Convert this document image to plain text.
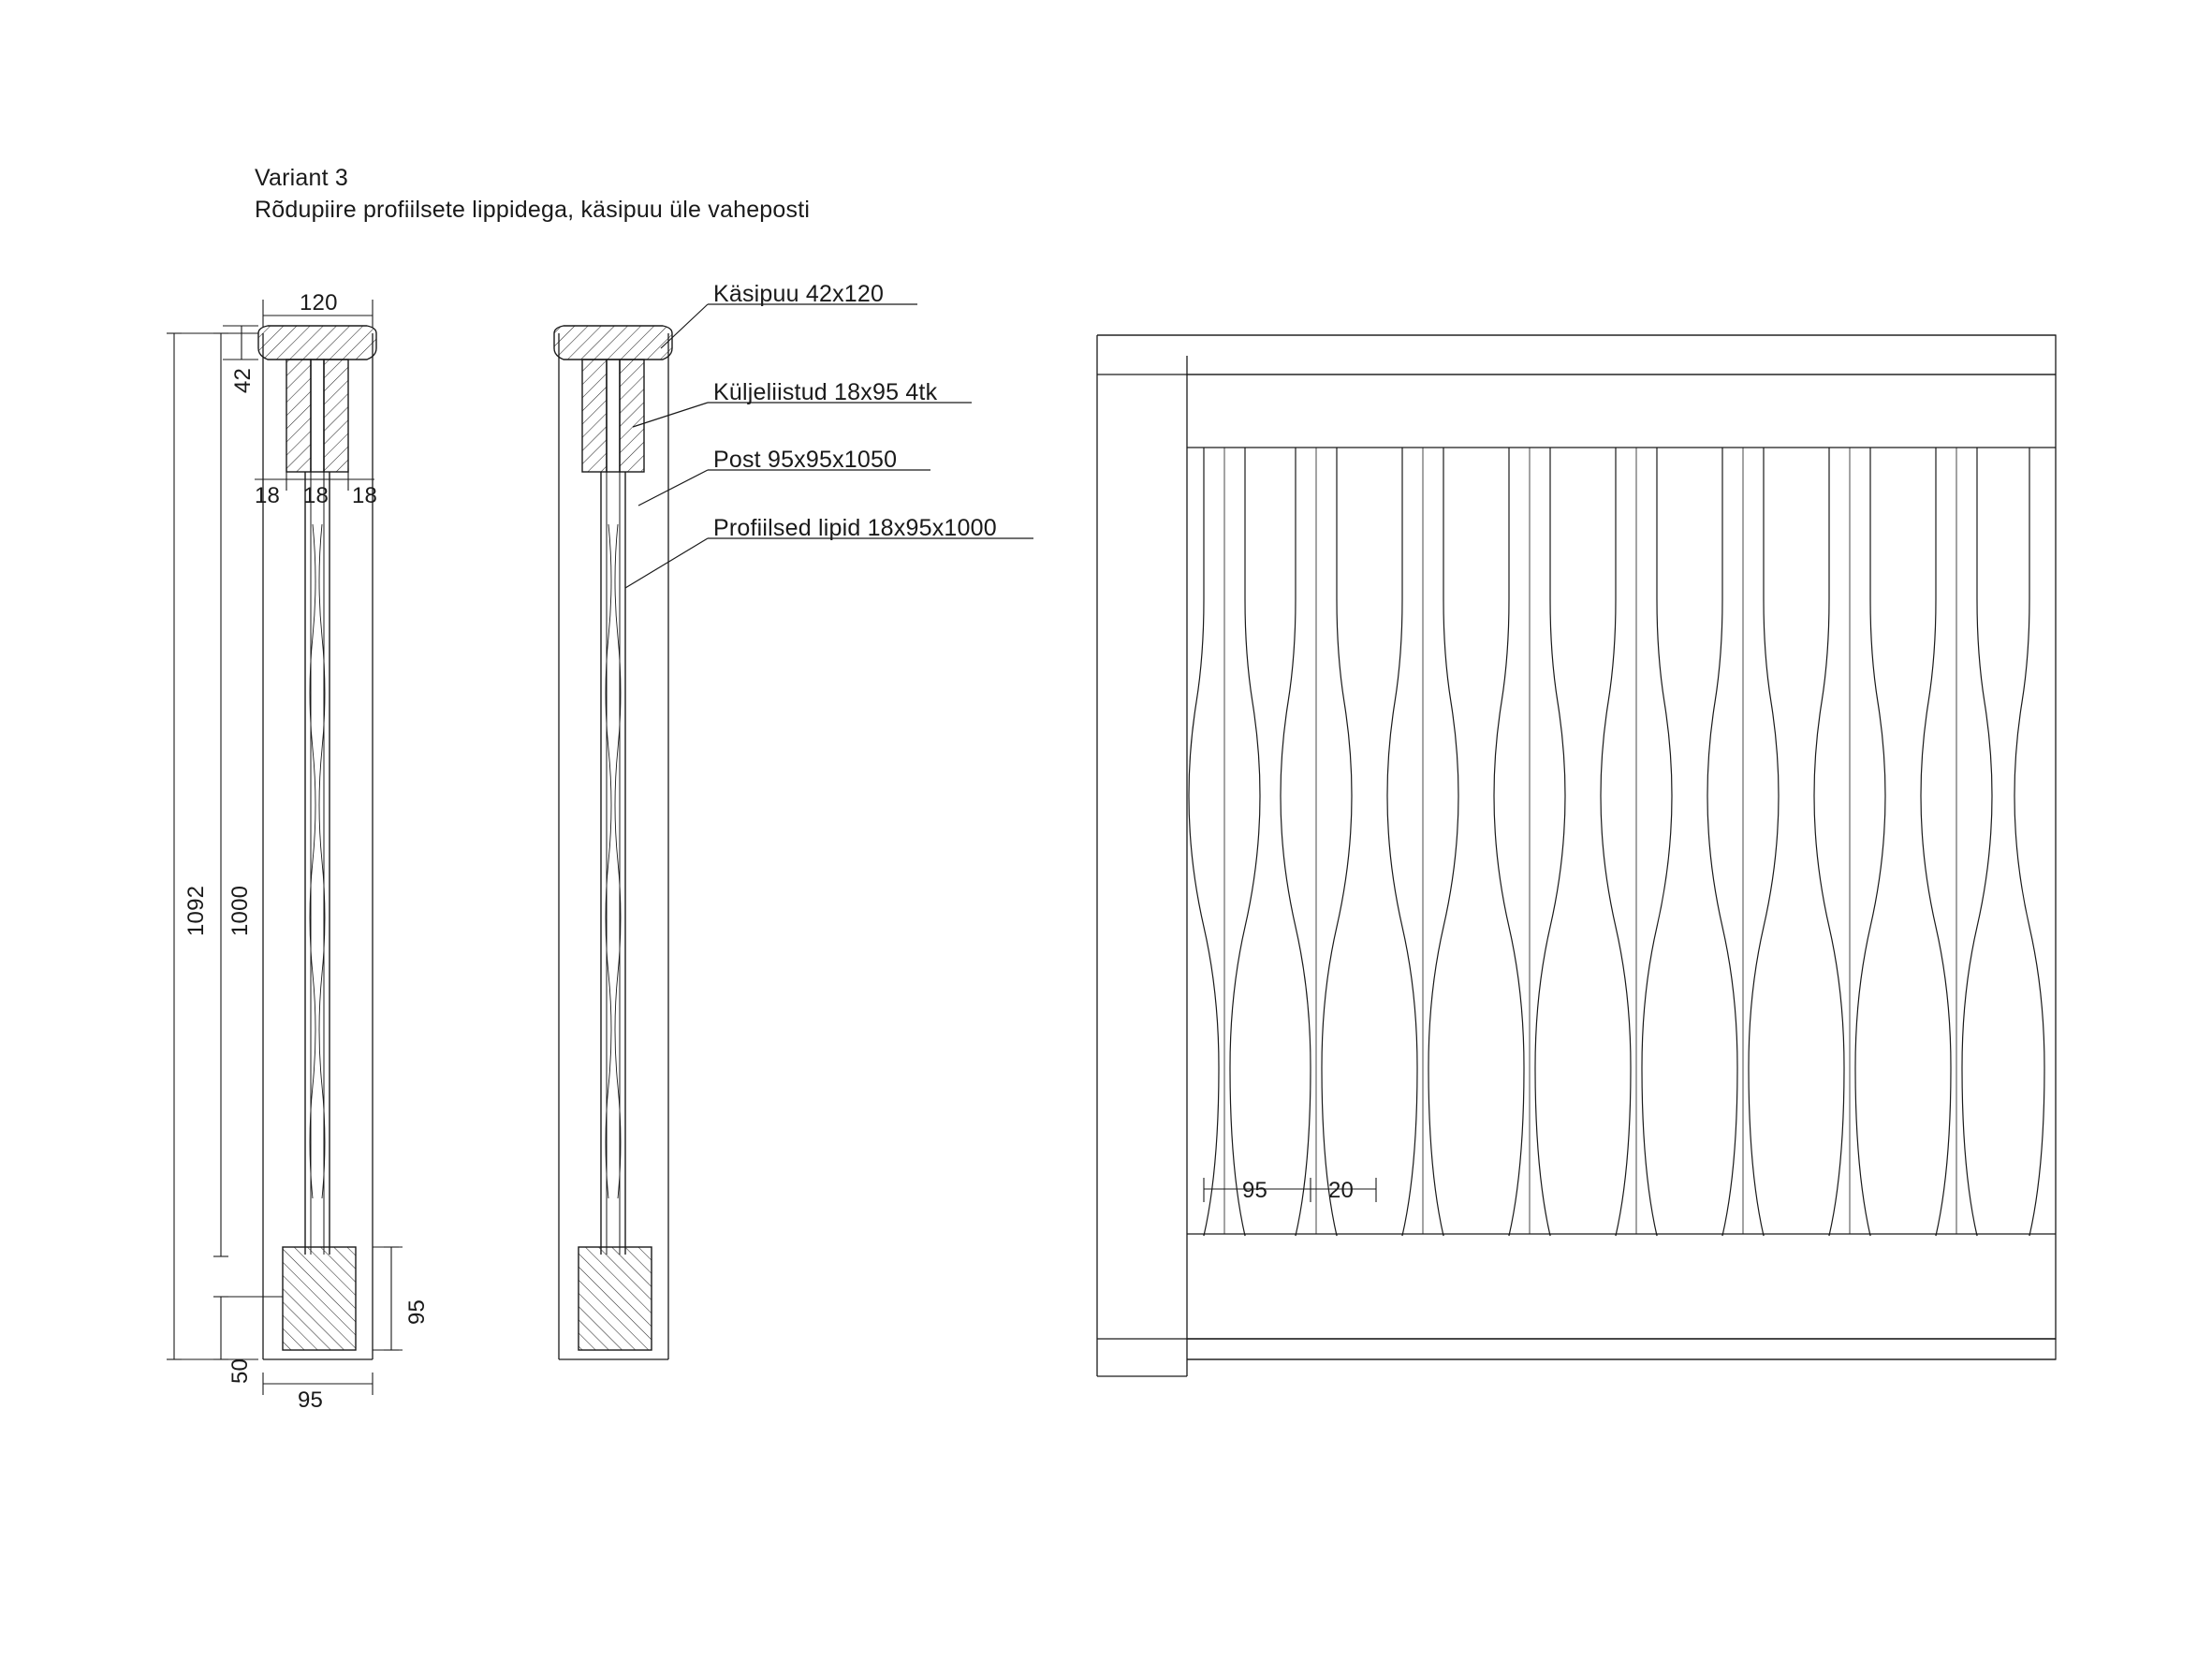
Variant 3
Rõdupiire profiilsete lippidega, käsipuu üle vaheposti
Käsipuu 42x120
Küljeliistud 18x95 4tk
Post 95x95x1050
Profiilsed lipid 18x95x1000
120
42
18 18 18
1092 1000
95
50
95
95	20
